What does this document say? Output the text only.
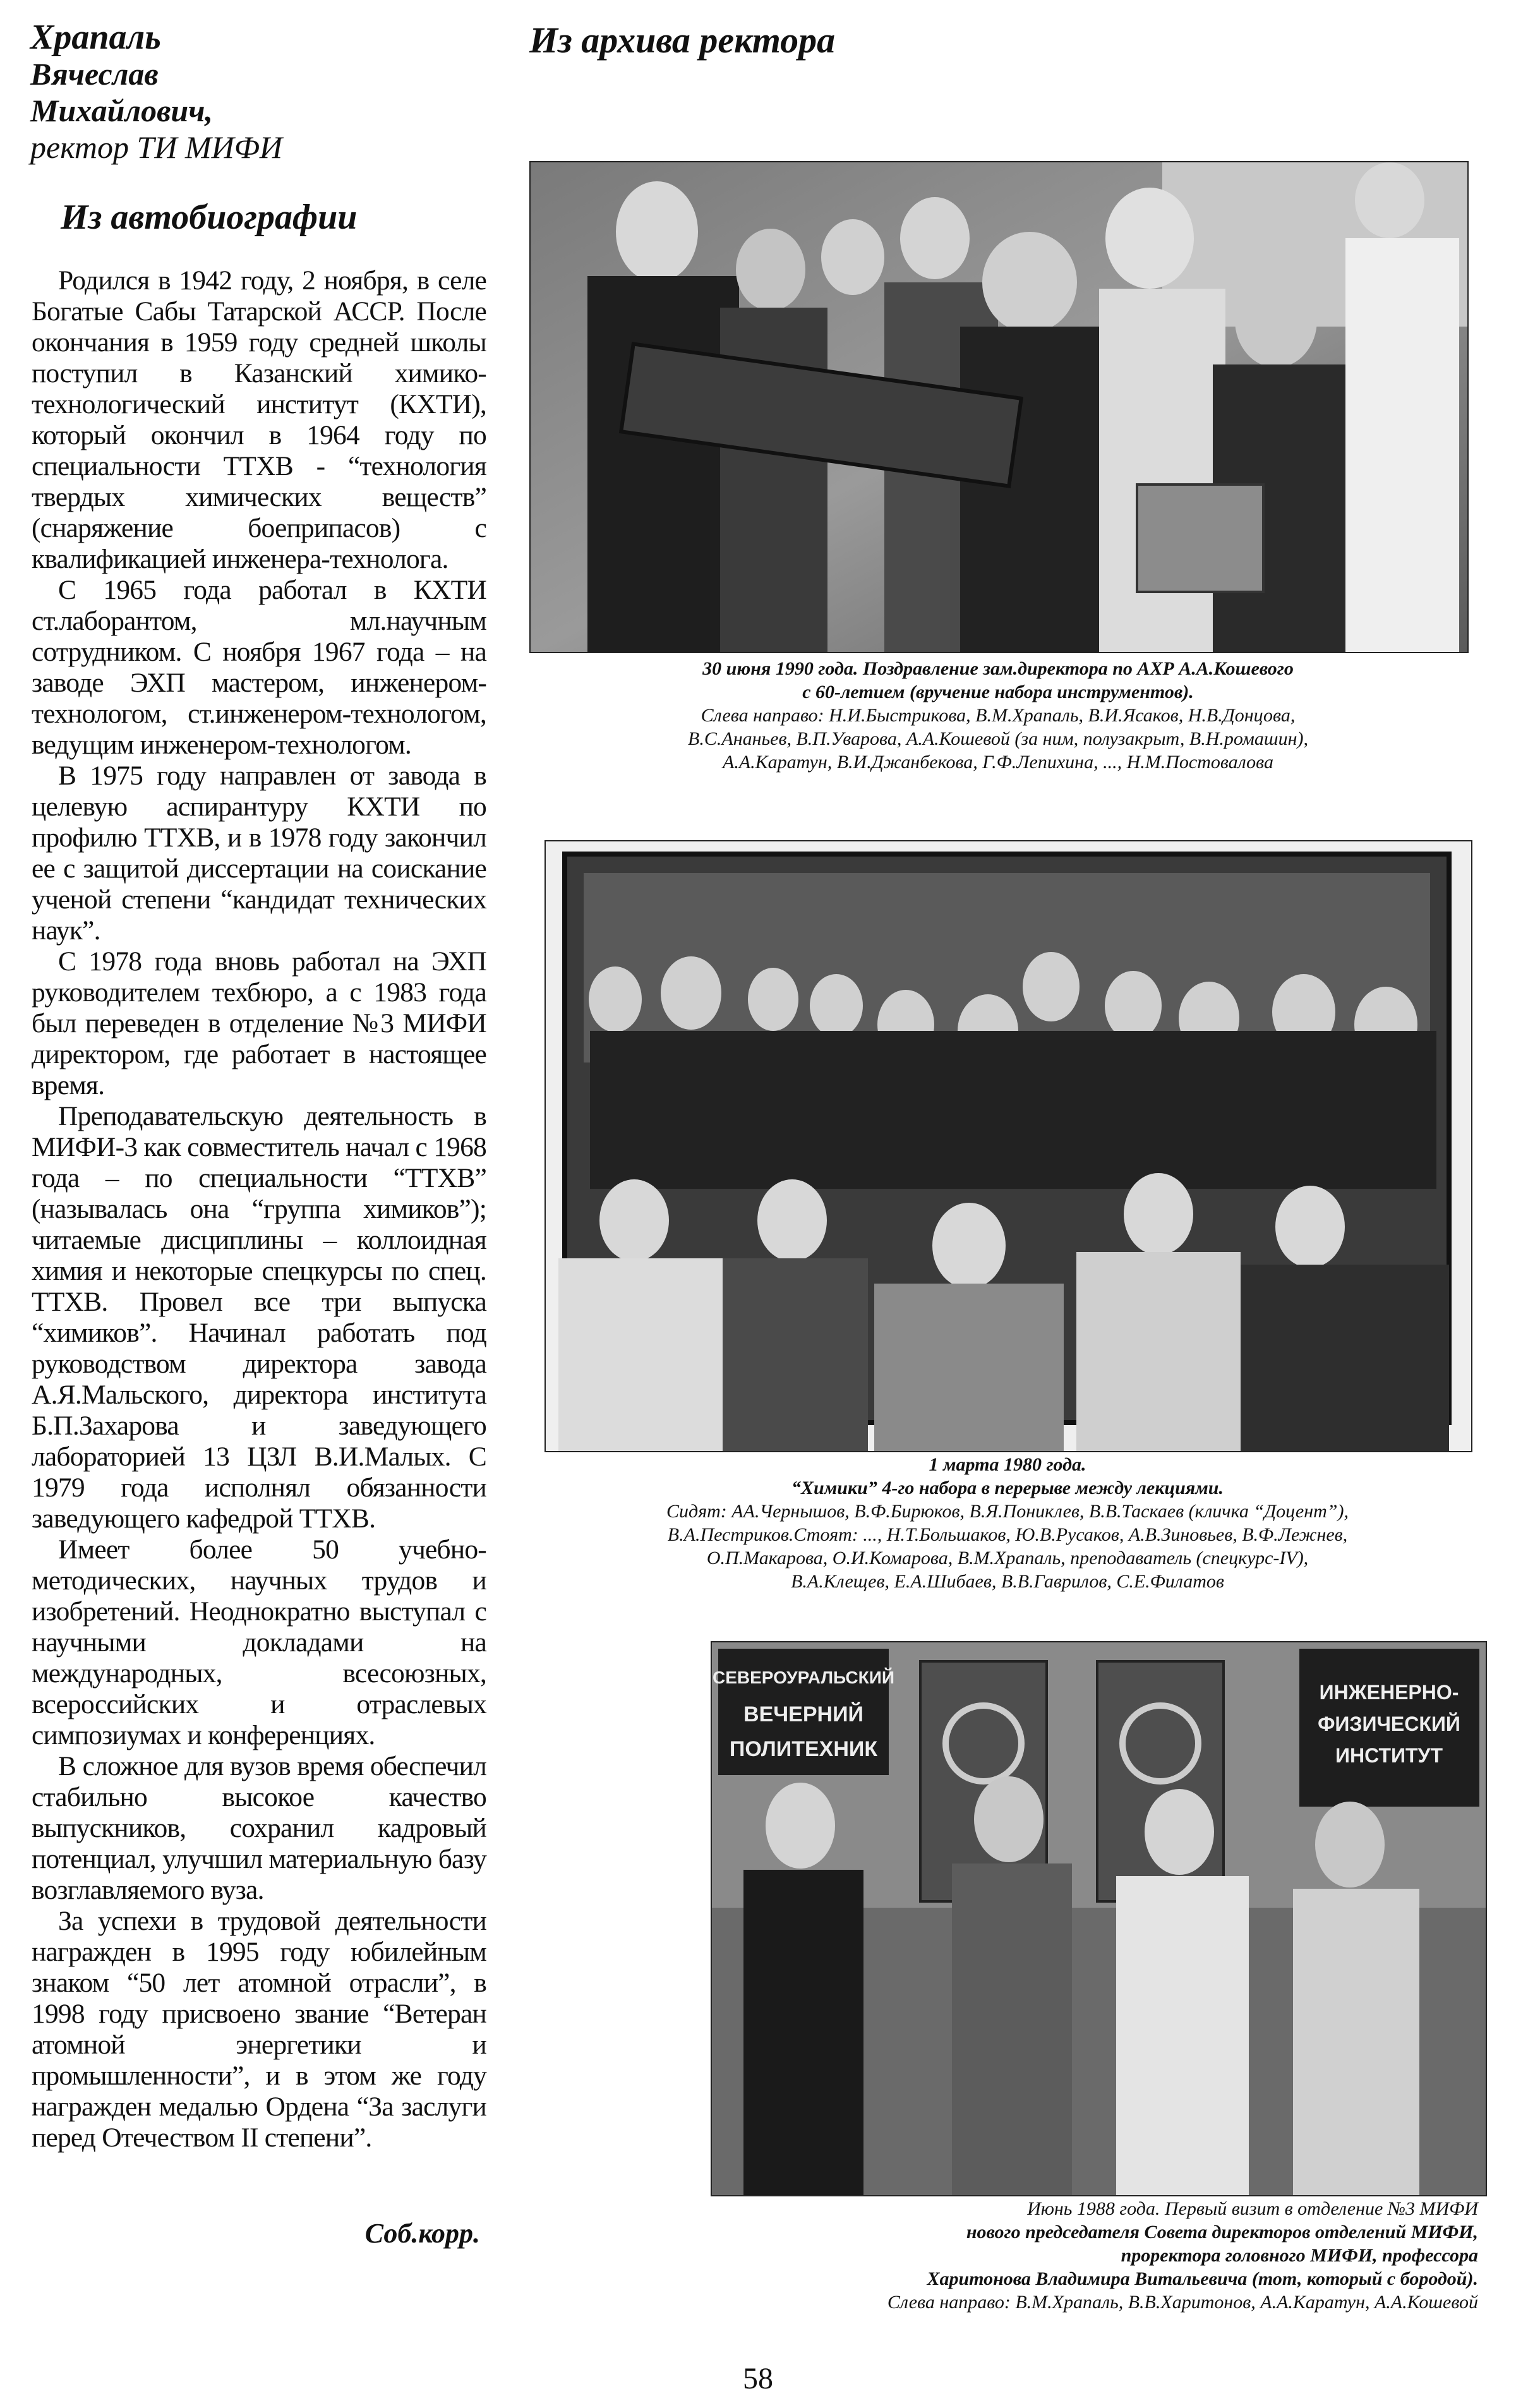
Храпаль
Вячеслав
Михайлович,
ректор ТИ МИФИ
Из автобиографии

Родился в 1942 году, 2 ноября, в селе Богатые Сабы Татарской АССР. После окончания в 1959 году средней школы поступил в Казанский химико-технологический институт (КХТИ), который окончил в 1964 году по специальности ТТХВ - “технология твердых химических веществ” (снаряжение боеприпасов) с квалификацией инженера-технолога.

С 1965 года работал в КХТИ ст.лаборантом, мл.научным сотрудником. С ноября 1967 года – на заводе ЭХП мастером, инженером-технологом, ст.инженером-технологом, ведущим инженером-технологом.

В 1975 году направлен от завода в целевую аспирантуру КХТИ по профилю ТТХВ, и в 1978 году закончил ее с защитой диссертации на соискание ученой степени “кандидат технических наук”.

С 1978 года вновь работал на ЭХП руководителем техбюро, а с 1983 года был переведен в отделение №3 МИФИ директором, где работает в настоящее время.

Преподавательскую деятельность в МИФИ-3 как совместитель начал с 1968 года – по специальности “ТТХВ” (называлась она “группа химиков”); читаемые дисциплины – коллоидная химия и некоторые спецкурсы по спец. ТТХВ. Провел все три выпуска “химиков”. Начинал работать под руководством директора завода А.Я.Мальского, директора института Б.П.Захарова и заведующего лабораторией 13 ЦЗЛ В.И.Малых. С 1979 года исполнял обязанности заведующего кафедрой ТТХВ.

Имеет более 50 учебно-методических, научных трудов и изобретений. Неоднократно выступал с научными докладами на международных, всесоюзных, всероссийских и отраслевых симпозиумах и конференциях.

В сложное для вузов время обеспечил стабильно высокое качество выпускников, сохранил кадровый потенциал, улучшил материальную базу возглавляемого вуза.

За успехи в трудовой деятельности награжден в 1995 году юбилейным знаком “50 лет атомной отрасли”, в 1998 году присвоено звание “Ветеран атомной энергетики и промышленности”, и в этом же году награжден медалью Ордена “За заслуги перед Отечеством II степени”.

Соб.корр.
Из архива ректора
30 июня 1990 года. Поздравление зам.директора по АХР А.А.Кошевого
с 60-летием (вручение набора инструментов).
Слева направо: Н.И.Быстрикова, В.М.Храпаль, В.И.Ясаков, Н.В.Донцова,
В.С.Ананьев, В.П.Уварова, А.А.Кошевой (за ним, полузакрыт, В.Н.ромашин),
А.А.Каратун, В.И.Джанбекова, Г.Ф.Лепихина, ..., Н.М.Постовалова
1 марта 1980 года.
“Химики” 4-го набора в перерыве между лекциями.
Сидят: АА.Чернышов, В.Ф.Бирюков, В.Я.Пониклев, В.В.Таскаев (кличка “Доцент”),
В.А.Пестриков.Стоят: ..., Н.Т.Большаков, Ю.В.Русаков, А.В.Зиновьев, В.Ф.Лежнев,
О.П.Макарова, О.И.Комарова, В.М.Храпаль, преподаватель (спецкурс-IV),
В.А.Клещев, Е.А.Шибаев, В.В.Гаврилов, С.Е.Филатов
СЕВЕРОУРАЛЬСКИЙ
ВЕЧЕРНИЙ
ПОЛИТЕХНИК
ИНЖЕНЕРНО-
ФИЗИЧЕСКИЙ
ИНСТИТУТ
Июнь 1988 года. Первый визит в отделение №3 МИФИ
нового председателя Совета директоров отделений МИФИ,
проректора головного МИФИ, профессора
Харитонова Владимира Витальевича (тот, который с бородой).
Слева направо: В.М.Храпаль, В.В.Харитонов, А.А.Каратун, А.А.Кошевой
58
